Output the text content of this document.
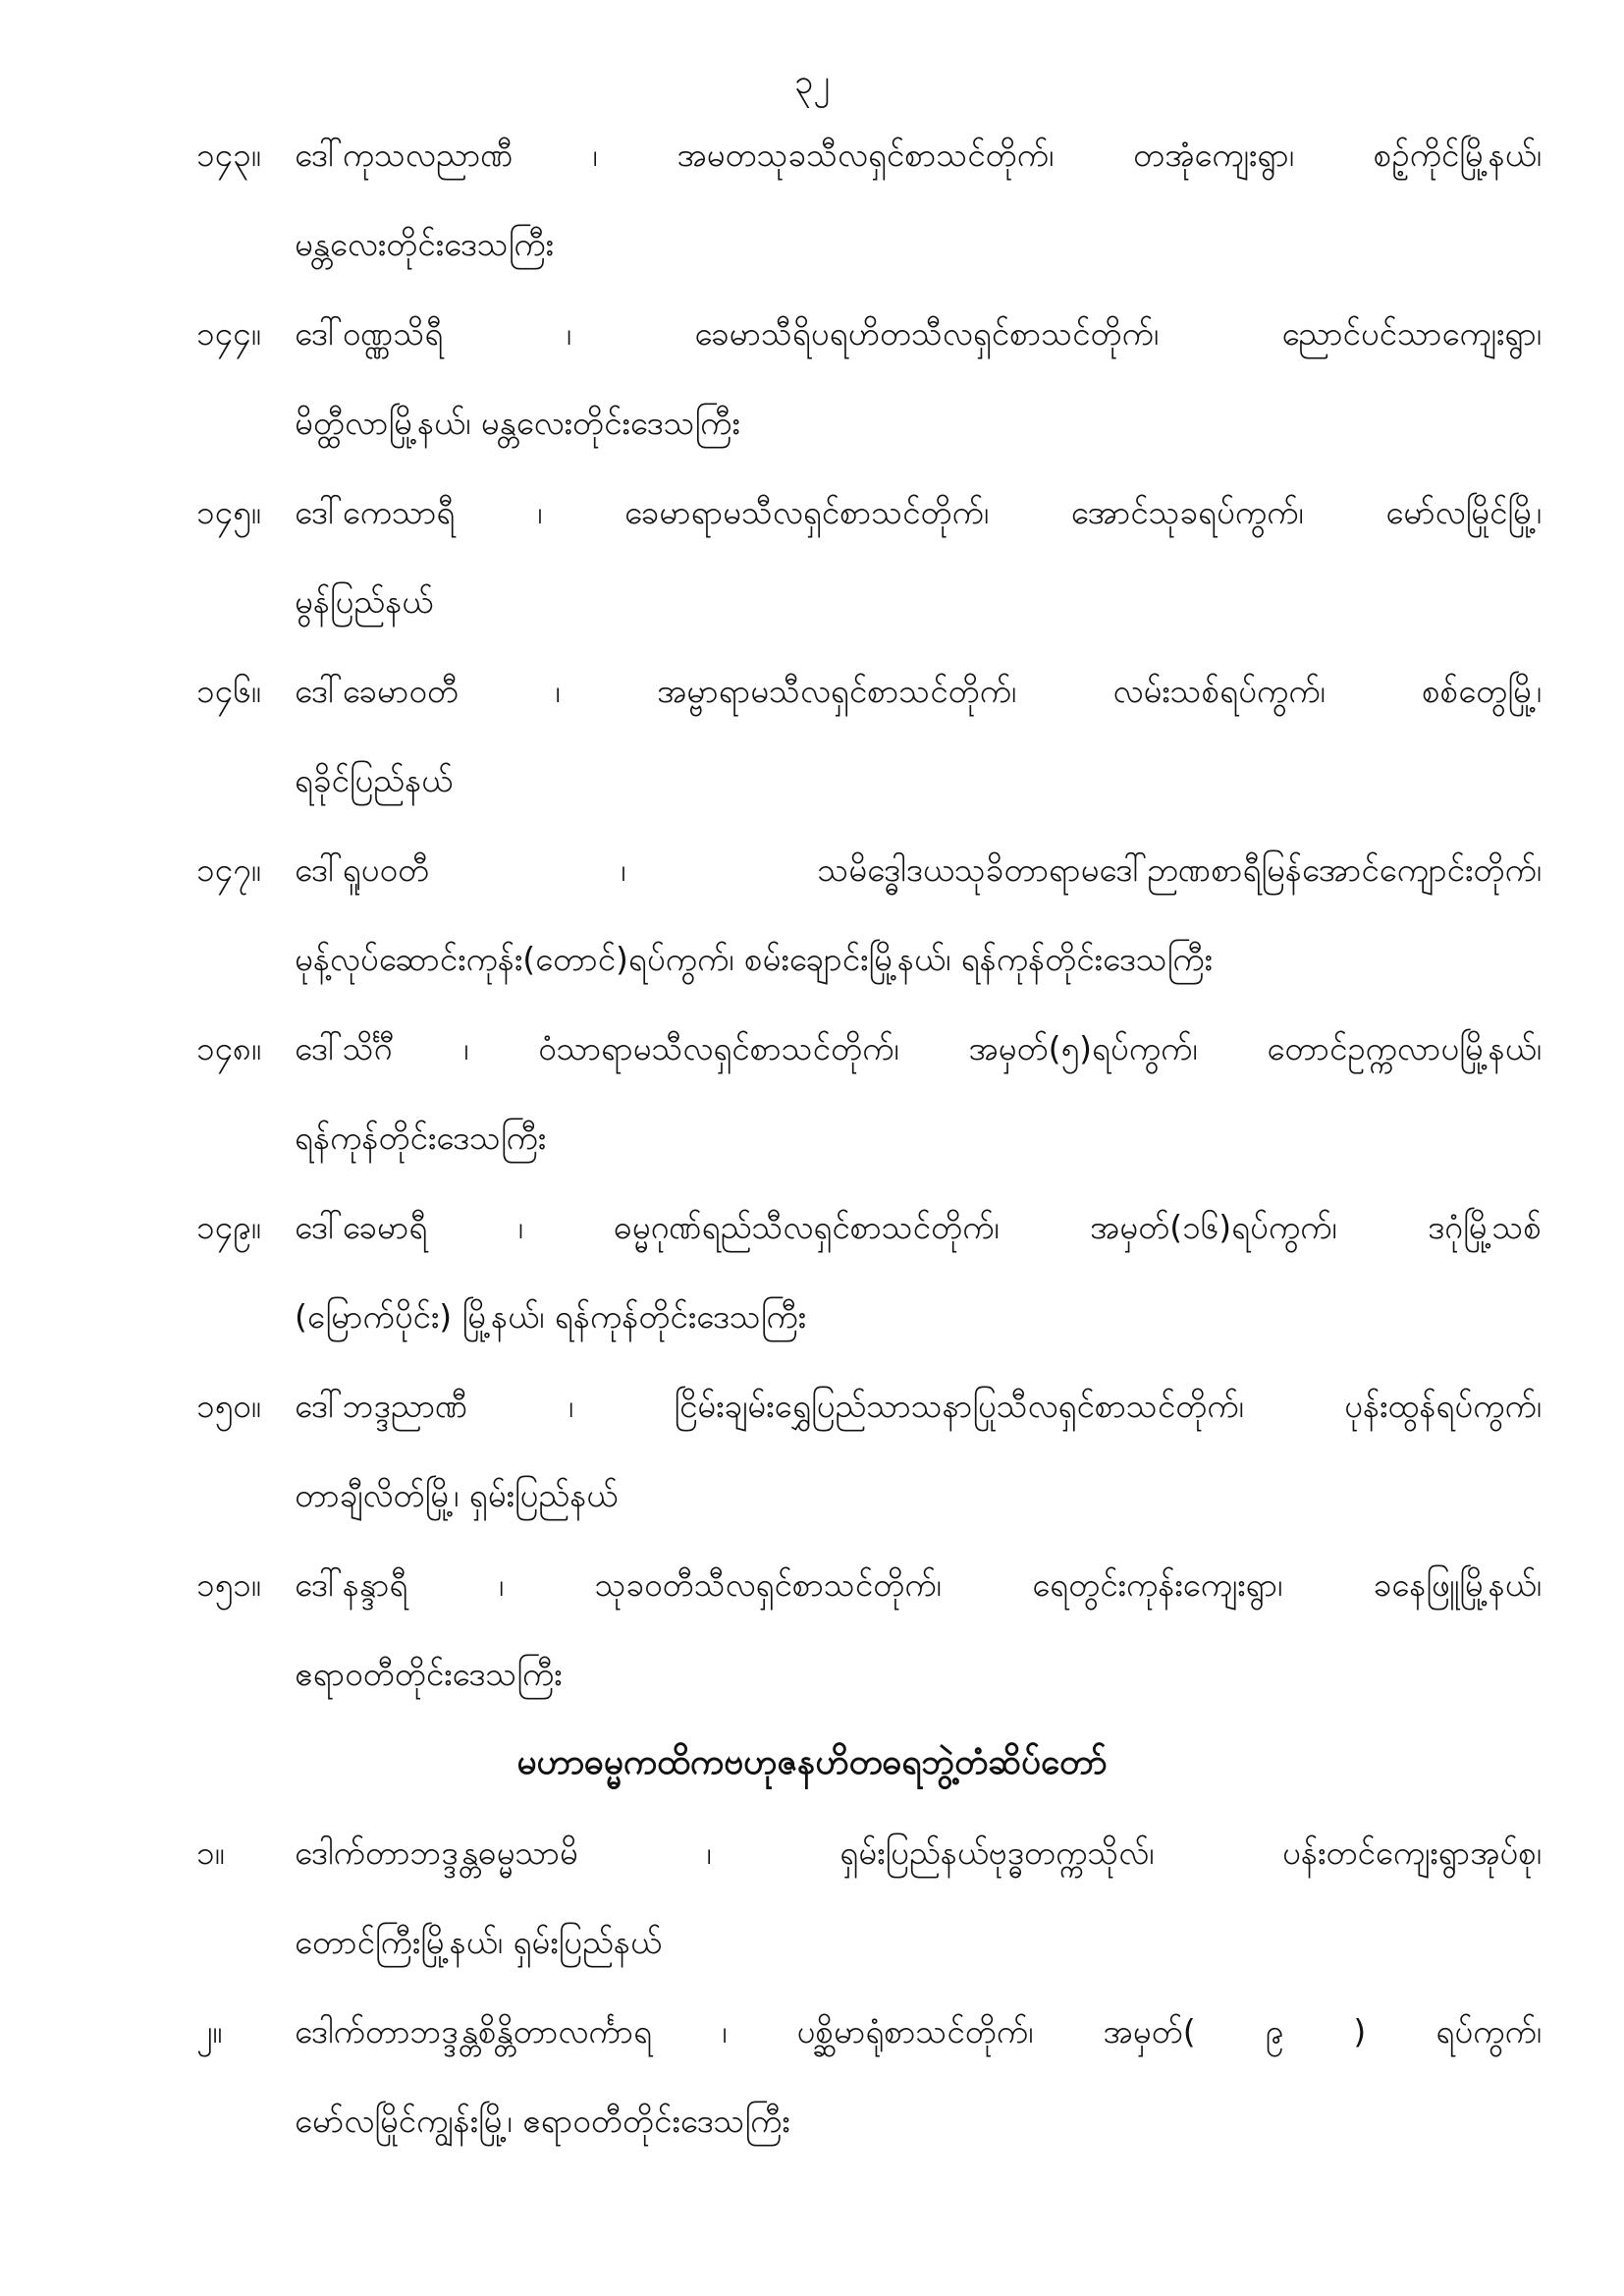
၃၂
၁၄၃။	ဒေါ်ကုသလညာဏီ ၊ အမတသုခသီလရှင်စာသင်တိုက်၊ တအုံကျေးရွာ၊ စဉ့်ကိုင်မြို့နယ်၊
မန္တလေးတိုင်းဒေသကြီး
၁၄၄။	ဒေါ်ဝဏ္ဏသိရီ ၊ ခေမာသီရိပရဟိတသီလရှင်စာသင်တိုက်၊ ညောင်ပင်သာကျေးရွာ၊
မိတ္ထီလာမြို့နယ်၊ မန္တလေးတိုင်းဒေသကြီး
၁၄၅။	ဒေါ်ကေသာရီ ၊ ခေမာရာမသီလရှင်စာသင်တိုက်၊ အောင်သုခရပ်ကွက်၊ မော်လမြိုင်မြို့၊
မွန်ပြည်နယ်
၁၄၆။	ဒေါ်ခေမာဝတီ ၊ အမ္ဗာရာမသီလရှင်စာသင်တိုက်၊ လမ်းသစ်ရပ်ကွက်၊ စစ်တွေမြို့၊
ရခိုင်ပြည်နယ်
၁၄၇။	ဒေါ်ရူပဝတီ ၊ သမိဒ္ဓေါဒယသုခိတာရာမဒေါ်ဉာဏစာရီမြန်အောင်ကျောင်းတိုက်၊
မုန့်လုပ်ဆောင်းကုန်း(တောင်)ရပ်ကွက်၊ စမ်းချောင်းမြို့နယ်၊ ရန်ကုန်တိုင်းဒေသကြီး
၁၄၈။	ဒေါ်သိင်္ဂီ ၊ ဝံသာရာမသီလရှင်စာသင်တိုက်၊ အမှတ်(၅)ရပ်ကွက်၊ တောင်ဥက္ကလာပမြို့နယ်၊
ရန်ကုန်တိုင်းဒေသကြီး
၁၄၉။	ဒေါ်ခေမာရီ ၊ ဓမ္မဂုဏ်ရည်သီလရှင်စာသင်တိုက်၊ အမှတ်(၁၆)ရပ်ကွက်၊ ဒဂုံမြို့သစ်
(မြောက်ပိုင်း) မြို့နယ်၊ ရန်ကုန်တိုင်းဒေသကြီး
၁၅၀။	ဒေါ်ဘဒ္ဒညာဏီ ၊ ငြိမ်းချမ်းရွှေပြည်သာသနာပြုသီလရှင်စာသင်တိုက်၊ ပုန်းထွန်ရပ်ကွက်၊
တာချီလိတ်မြို့၊ ရှမ်းပြည်နယ်
၁၅၁။	ဒေါ်နန္ဒာရီ ၊ သုခဝတီသီလရှင်စာသင်တိုက်၊ ရေတွင်းကုန်းကျေးရွာ၊ ခနေဖြူမြို့နယ်၊
ဧရာဝတီတိုင်းဒေသကြီး
မဟာဓမ္မကထိကဗဟုဇနဟိတဓရဘွဲ့တံဆိပ်တော်
၁။	ဒေါက်တာဘဒ္ဒန္တဓမ္မသာမိ ၊ ရှမ်းပြည်နယ်ဗုဒ္ဓတက္ကသိုလ်၊ ပန်းတင်ကျေးရွာအုပ်စု၊
တောင်ကြီးမြို့နယ်၊ ရှမ်းပြည်နယ်
၂။	ဒေါက်တာဘဒ္ဒန္တစိန္တိတာလင်္ကာရ ၊ ပစ္ဆိမာရုံစာသင်တိုက်၊ အမှတ်( ၉ ) ရပ်ကွက်၊
မော်လမြိုင်ကျွန်းမြို့၊ ဧရာဝတီတိုင်းဒေသကြီး
